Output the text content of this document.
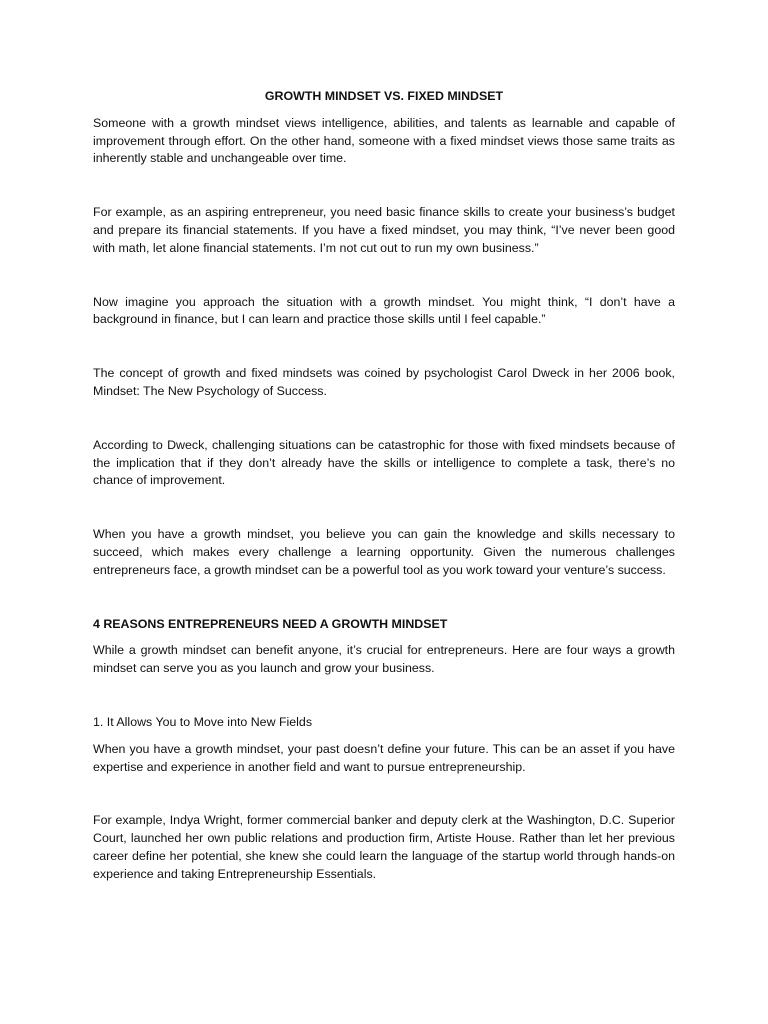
GROWTH MINDSET VS. FIXED MINDSET

Someone with a growth mindset views intelligence, abilities, and talents as learnable and capable of improvement through effort. On the other hand, someone with a fixed mindset views those same traits as inherently stable and unchangeable over time.

For example, as an aspiring entrepreneur, you need basic finance skills to create your business’s budget and prepare its financial statements. If you have a fixed mindset, you may think, “I’ve never been good with math, let alone financial statements. I’m not cut out to run my own business.”

Now imagine you approach the situation with a growth mindset. You might think, “I don’t have a background in finance, but I can learn and practice those skills until I feel capable.”

The concept of growth and fixed mindsets was coined by psychologist Carol Dweck in her 2006 book, Mindset: The New Psychology of Success.

According to Dweck, challenging situations can be catastrophic for those with fixed mindsets because of the implication that if they don’t already have the skills or intelligence to complete a task, there’s no chance of improvement.

When you have a growth mindset, you believe you can gain the knowledge and skills necessary to succeed, which makes every challenge a learning opportunity. Given the numerous challenges entrepreneurs face, a growth mindset can be a powerful tool as you work toward your venture’s success.

4 REASONS ENTREPRENEURS NEED A GROWTH MINDSET

While a growth mindset can benefit anyone, it’s crucial for entrepreneurs. Here are four ways a growth mindset can serve you as you launch and grow your business.

1. It Allows You to Move into New Fields

When you have a growth mindset, your past doesn’t define your future. This can be an asset if you have expertise and experience in another field and want to pursue entrepreneurship.

For example, Indya Wright, former commercial banker and deputy clerk at the Washington, D.C. Superior Court, launched her own public relations and production firm, Artiste House. Rather than let her previous career define her potential, she knew she could learn the language of the startup world through hands-on experience and taking Entrepreneurship Essentials.
